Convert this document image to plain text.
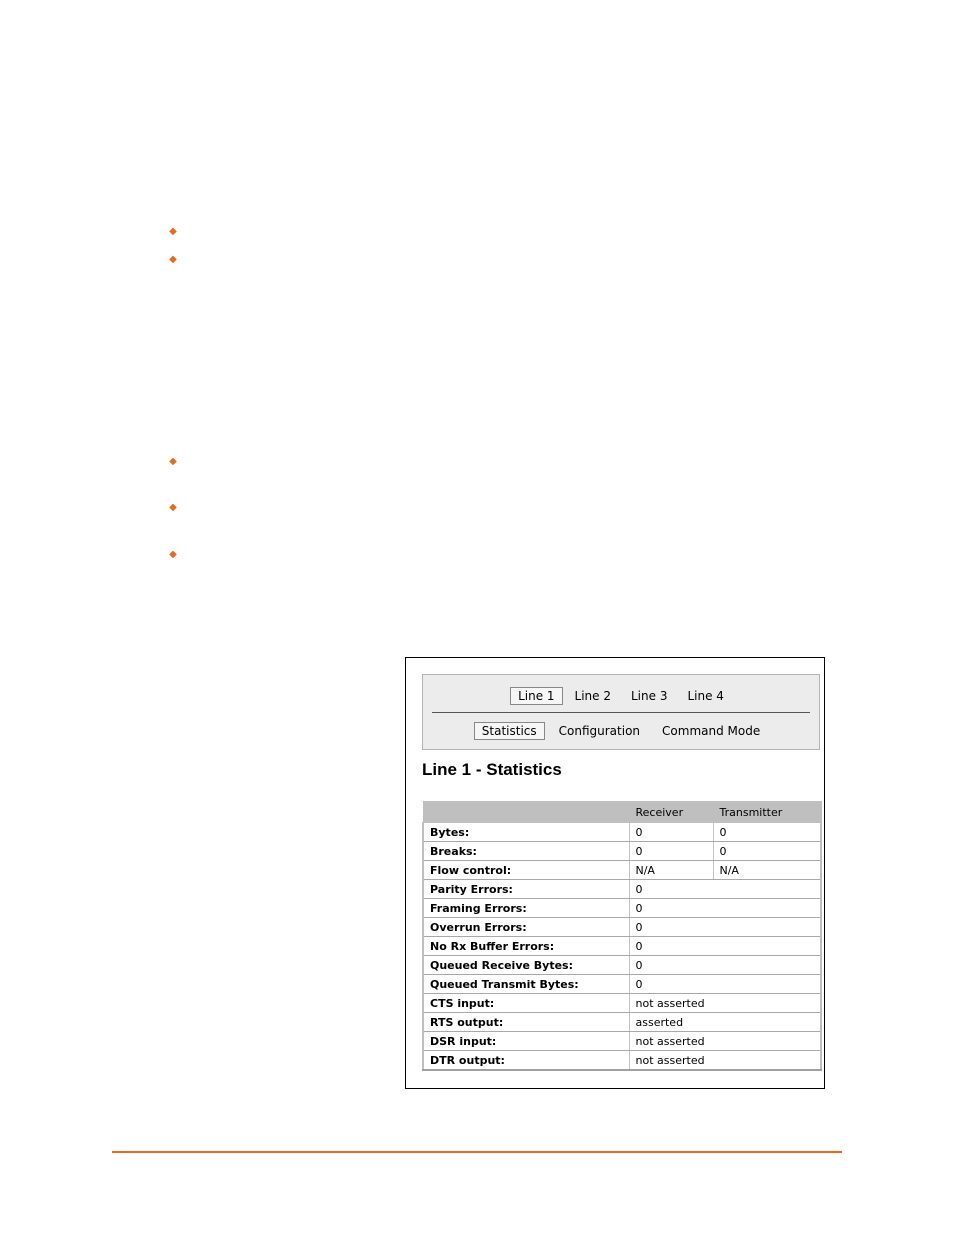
◆
◆
◆
◆
◆
Line 1	Line 2	Line 3	Line 4
Statistics	Configuration	Command Mode
Line 1 - Statistics
	Receiver	Transmitter
Bytes:	0	0
Breaks:	0	0
Flow control:	N/A	N/A
Parity Errors:	0	
Framing Errors:	0	
Overrun Errors:	0	
No Rx Buffer Errors:	0	
Queued Receive Bytes:	0	
Queued Transmit Bytes:	0	
CTS input:	not asserted	
RTS output:	asserted	
DSR input:	not asserted	
DTR output:	not asserted	
